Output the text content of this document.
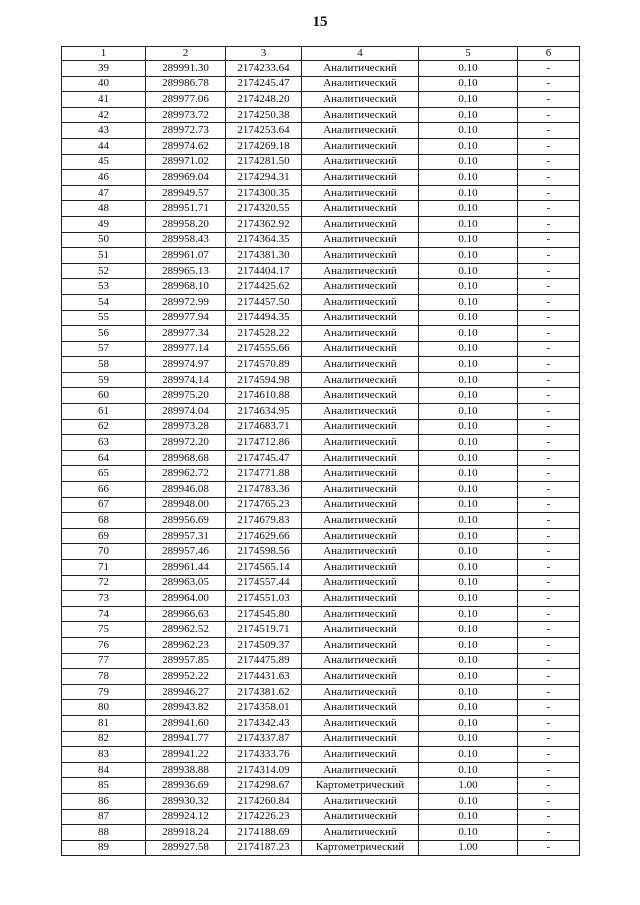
15
1	2	3	4	5	6
39	289991.30	2174233.64	Аналитический	0.10	-
40	289986.78	2174245.47	Аналитический	0.10	-
41	289977.06	2174248.20	Аналитический	0.10	-
42	289973.72	2174250.38	Аналитический	0.10	-
43	289972.73	2174253.64	Аналитический	0.10	-
44	289974.62	2174269.18	Аналитический	0.10	-
45	289971.02	2174281.50	Аналитический	0.10	-
46	289969.04	2174294.31	Аналитический	0.10	-
47	289949.57	2174300.35	Аналитический	0.10	-
48	289951.71	2174320.55	Аналитический	0.10	-
49	289958.20	2174362.92	Аналитический	0.10	-
50	289958.43	2174364.35	Аналитический	0.10	-
51	289961.07	2174381.30	Аналитический	0.10	-
52	289965.13	2174404.17	Аналитический	0.10	-
53	289968.10	2174425.62	Аналитический	0.10	-
54	289972.99	2174457.50	Аналитический	0.10	-
55	289977.94	2174494.35	Аналитический	0.10	-
56	289977.34	2174528.22	Аналитический	0.10	-
57	289977.14	2174555.66	Аналитический	0.10	-
58	289974.97	2174570.89	Аналитический	0.10	-
59	289974.14	2174594.98	Аналитический	0.10	-
60	289975.20	2174610.88	Аналитический	0.10	-
61	289974.04	2174634.95	Аналитический	0.10	-
62	289973.28	2174683.71	Аналитический	0.10	-
63	289972.20	2174712.86	Аналитический	0.10	-
64	289968.68	2174745.47	Аналитический	0.10	-
65	289962.72	2174771.88	Аналитический	0.10	-
66	289946.08	2174783.36	Аналитический	0.10	-
67	289948.00	2174765.23	Аналитический	0.10	-
68	289956.69	2174679.83	Аналитический	0.10	-
69	289957.31	2174629.66	Аналитический	0.10	-
70	289957.46	2174598.56	Аналитический	0.10	-
71	289961.44	2174565.14	Аналитический	0.10	-
72	289963.05	2174557.44	Аналитический	0.10	-
73	289964.00	2174551.03	Аналитический	0.10	-
74	289966.63	2174545.80	Аналитический	0.10	-
75	289962.52	2174519.71	Аналитический	0.10	-
76	289962.23	2174509.37	Аналитический	0.10	-
77	289957.85	2174475.89	Аналитический	0.10	-
78	289952.22	2174431.63	Аналитический	0.10	-
79	289946.27	2174381.62	Аналитический	0.10	-
80	289943.82	2174358.01	Аналитический	0.10	-
81	289941.60	2174342.43	Аналитический	0.10	-
82	289941.77	2174337.87	Аналитический	0.10	-
83	289941.22	2174333.76	Аналитический	0.10	-
84	289938.88	2174314.09	Аналитический	0.10	-
85	289936.69	2174298.67	Картометрический	1.00	-
86	289930.32	2174260.84	Аналитический	0.10	-
87	289924.12	2174226.23	Аналитический	0.10	-
88	289918.24	2174188.69	Аналитический	0.10	-
89	289927.58	2174187.23	Картометрический	1.00	-
